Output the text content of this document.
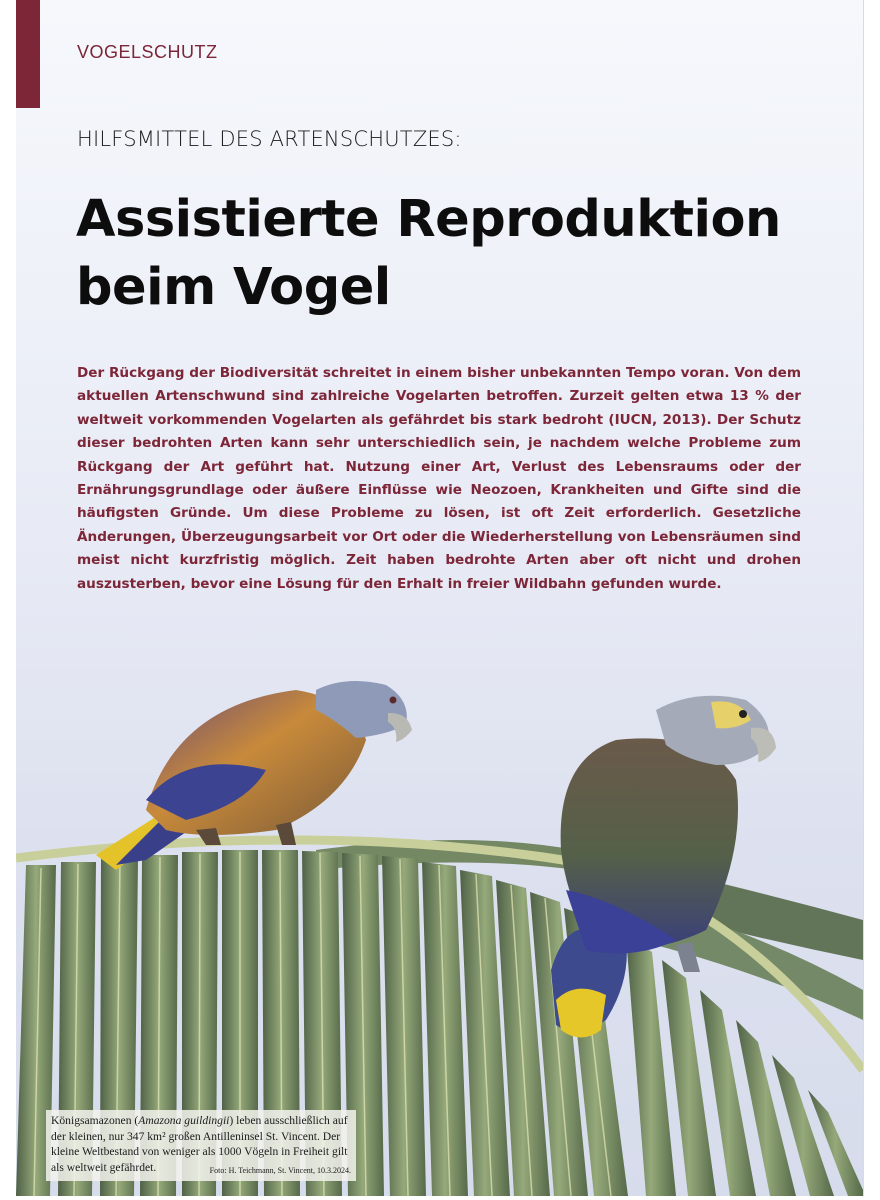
VOGELSCHUTZ
HILFSMITTEL DES ARTENSCHUTZES:
Assistierte Reproduktion
beim Vogel

Der Rückgang der Biodiversität schreitet in einem bisher unbekannten Tempo voran. Von dem aktuellen Artenschwund sind zahlreiche Vogelarten betroffen. Zurzeit gelten etwa 13 % der weltweit vorkommenden Vogelarten als gefährdet bis stark bedroht (IUCN, 2013). Der Schutz dieser bedrohten Arten kann sehr unterschiedlich sein, je nachdem welche Probleme zum Rückgang der Art geführt hat. Nutzung einer Art, Verlust des Lebensraums oder der Ernährungsgrundlage oder äußere Einflüsse wie Neozoen, Krankheiten und Gifte sind die häufigsten Gründe. Um diese Probleme zu lösen, ist oft Zeit erforderlich. Gesetzliche Änderungen, Überzeugungsarbeit vor Ort oder die Wiederherstellung von Lebensräumen sind meist nicht kurzfristig möglich. Zeit haben bedrohte Arten aber oft nicht und drohen auszusterben, bevor eine Lösung für den Erhalt in freier Wildbahn gefunden wurde.

Königsamazonen (Amazona guildingii) leben ausschließlich auf der kleinen, nur 347 km² großen Antilleninsel St. Vincent. Der kleine Weltbestand von weniger als 1000 Vögeln in Freiheit gilt als weltweit gefährdet.	Foto: H. Teichmann, St. Vincent, 10.3.2024.
